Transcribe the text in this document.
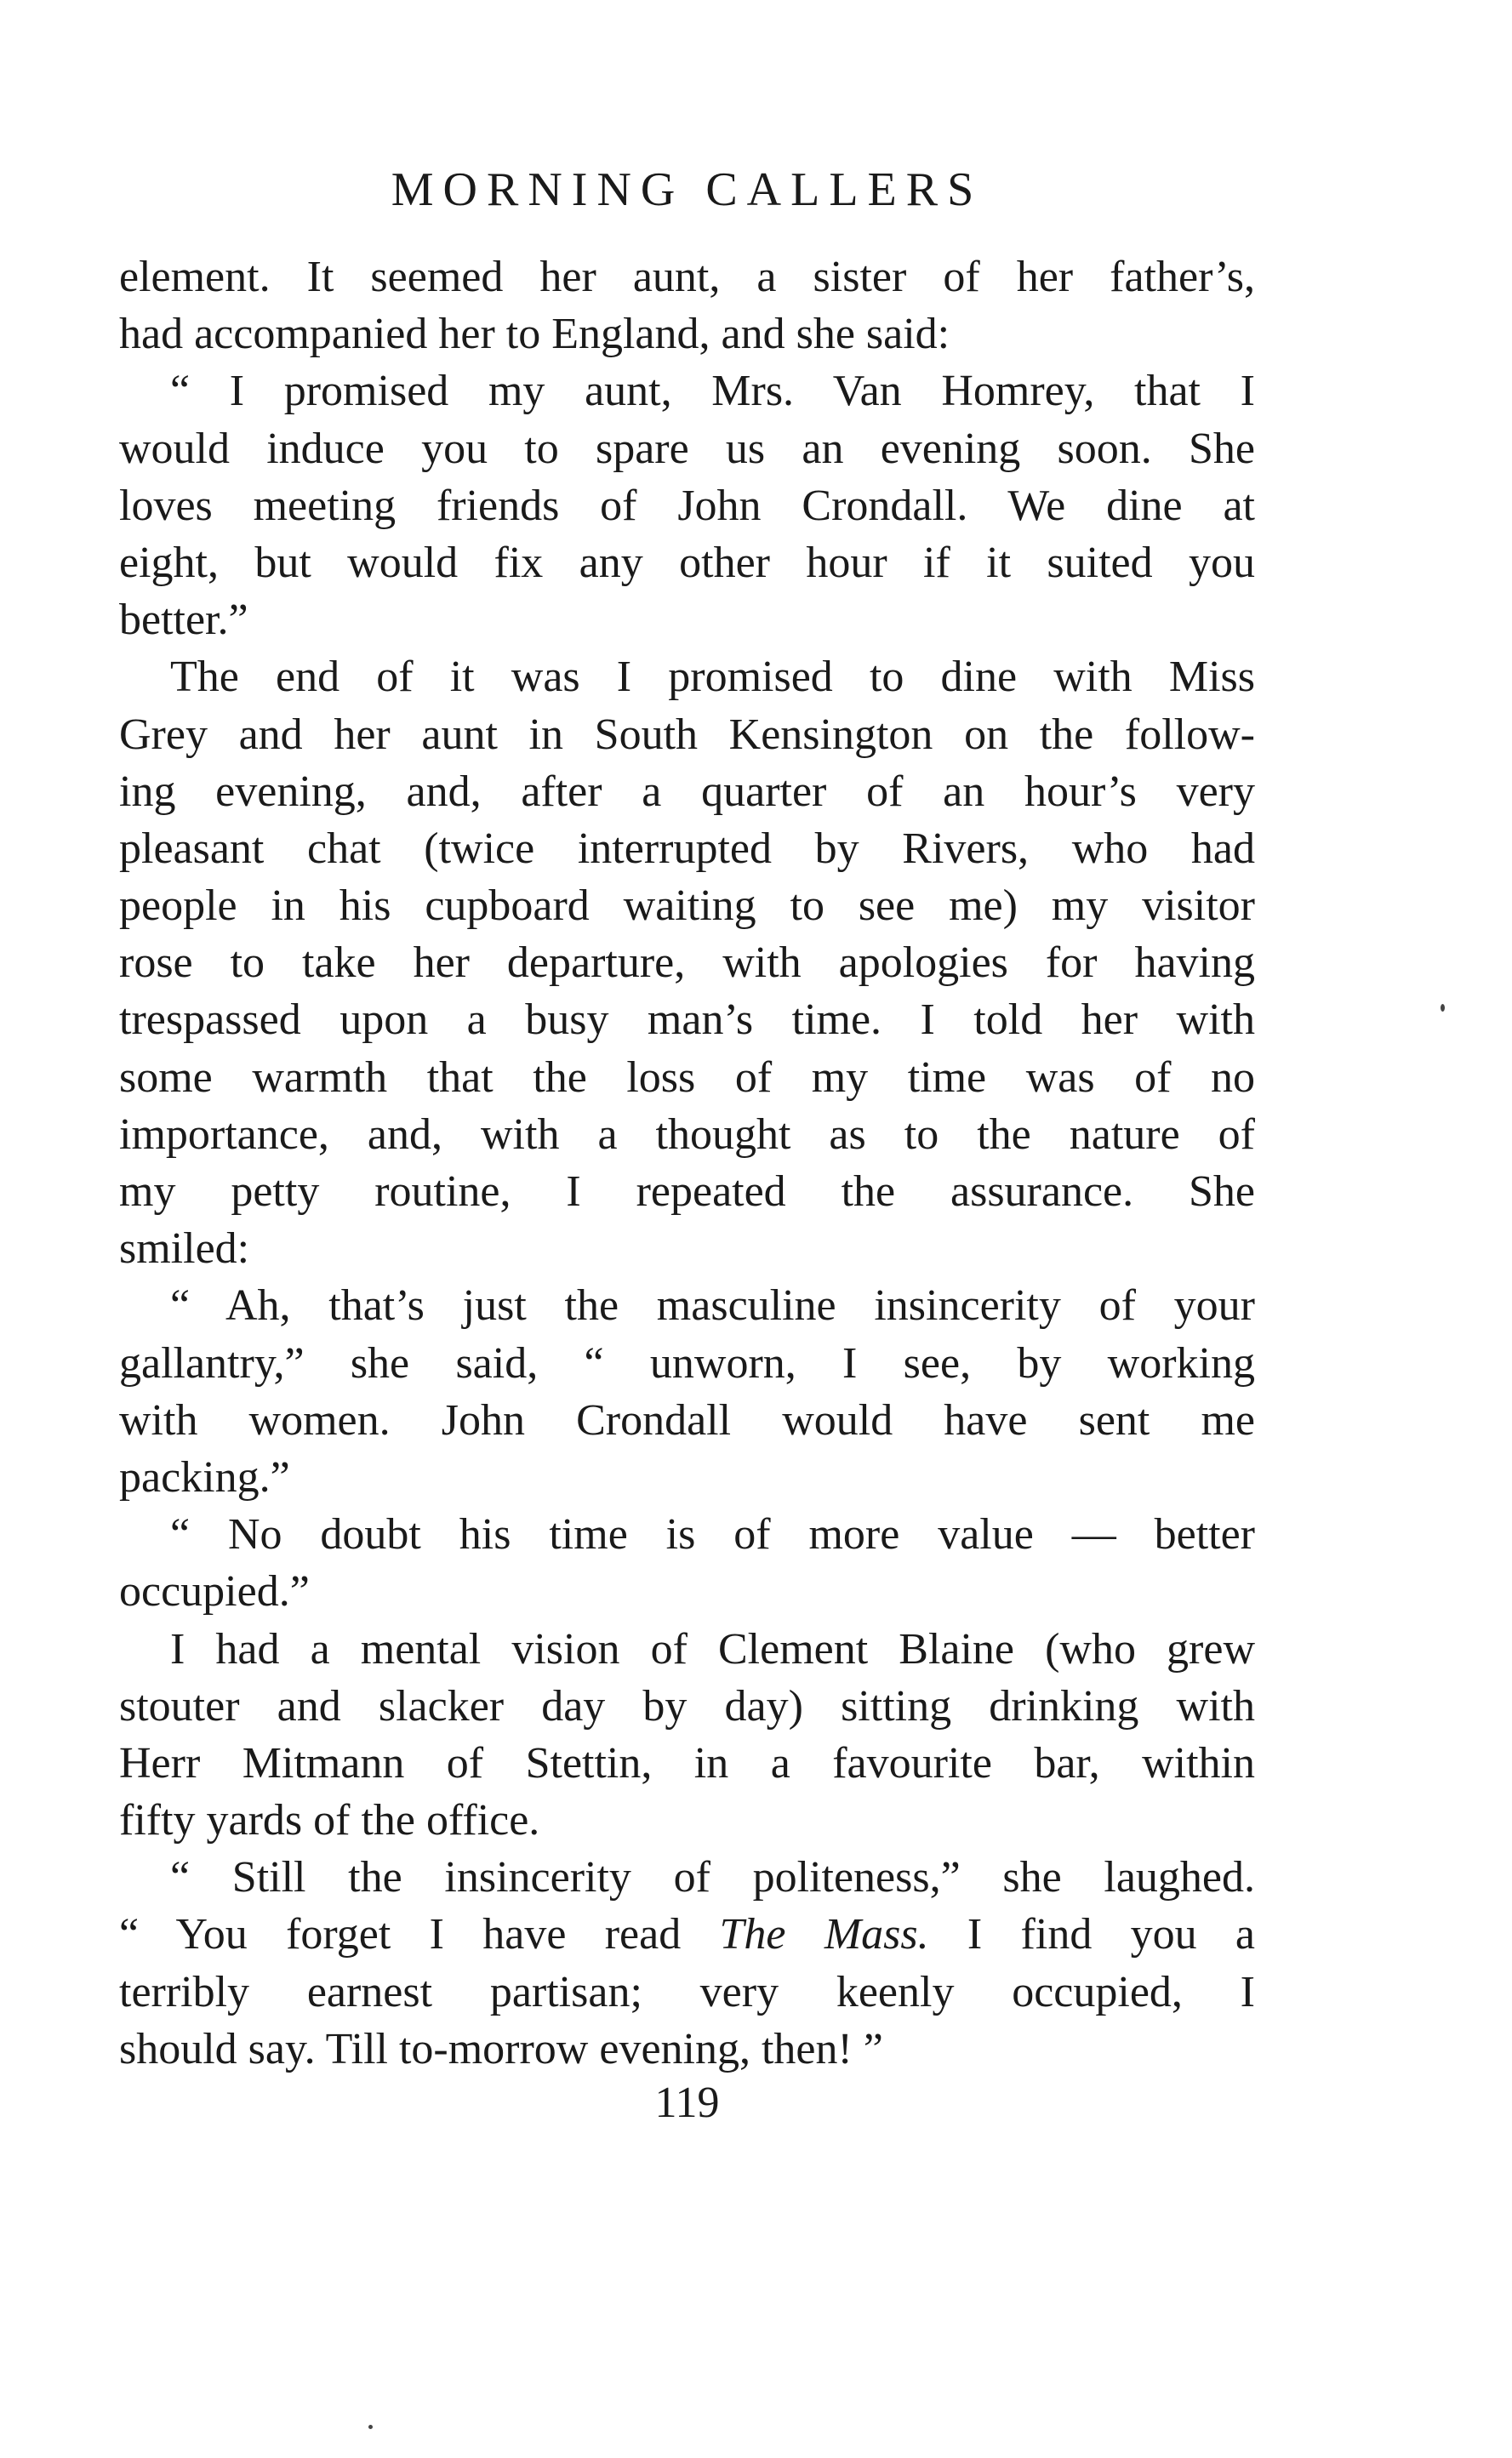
MORNING CALLERS
element. It seemed her aunt, a sister of her father’s,
had accompanied her to England, and she said:
“ I promised my aunt, Mrs. Van Homrey, that I
would induce you to spare us an evening soon. She
loves meeting friends of John Crondall. We dine at
eight, but would fix any other hour if it suited you
better.”
The end of it was I promised to dine with Miss
Grey and her aunt in South Kensington on the follow-
ing evening, and, after a quarter of an hour’s very
pleasant chat (twice interrupted by Rivers, who had
people in his cupboard waiting to see me) my visitor
rose to take her departure, with apologies for having
trespassed upon a busy man’s time. I told her with
some warmth that the loss of my time was of no
importance, and, with a thought as to the nature of
my petty routine, I repeated the assurance. She
smiled:
“ Ah, that’s just the masculine insincerity of your
gallantry,” she said, “ unworn, I see, by working
with women. John Crondall would have sent me
packing.”
“ No doubt his time is of more value — better
occupied.”
I had a mental vision of Clement Blaine (who grew
stouter and slacker day by day) sitting drinking with
Herr Mitmann of Stettin, in a favourite bar, within
fifty yards of the office.
“ Still the insincerity of politeness,” she laughed.
“ You forget I have read The Mass. I find you a
terribly earnest partisan; very keenly occupied, I
should say. Till to-morrow evening, then! ”
119
